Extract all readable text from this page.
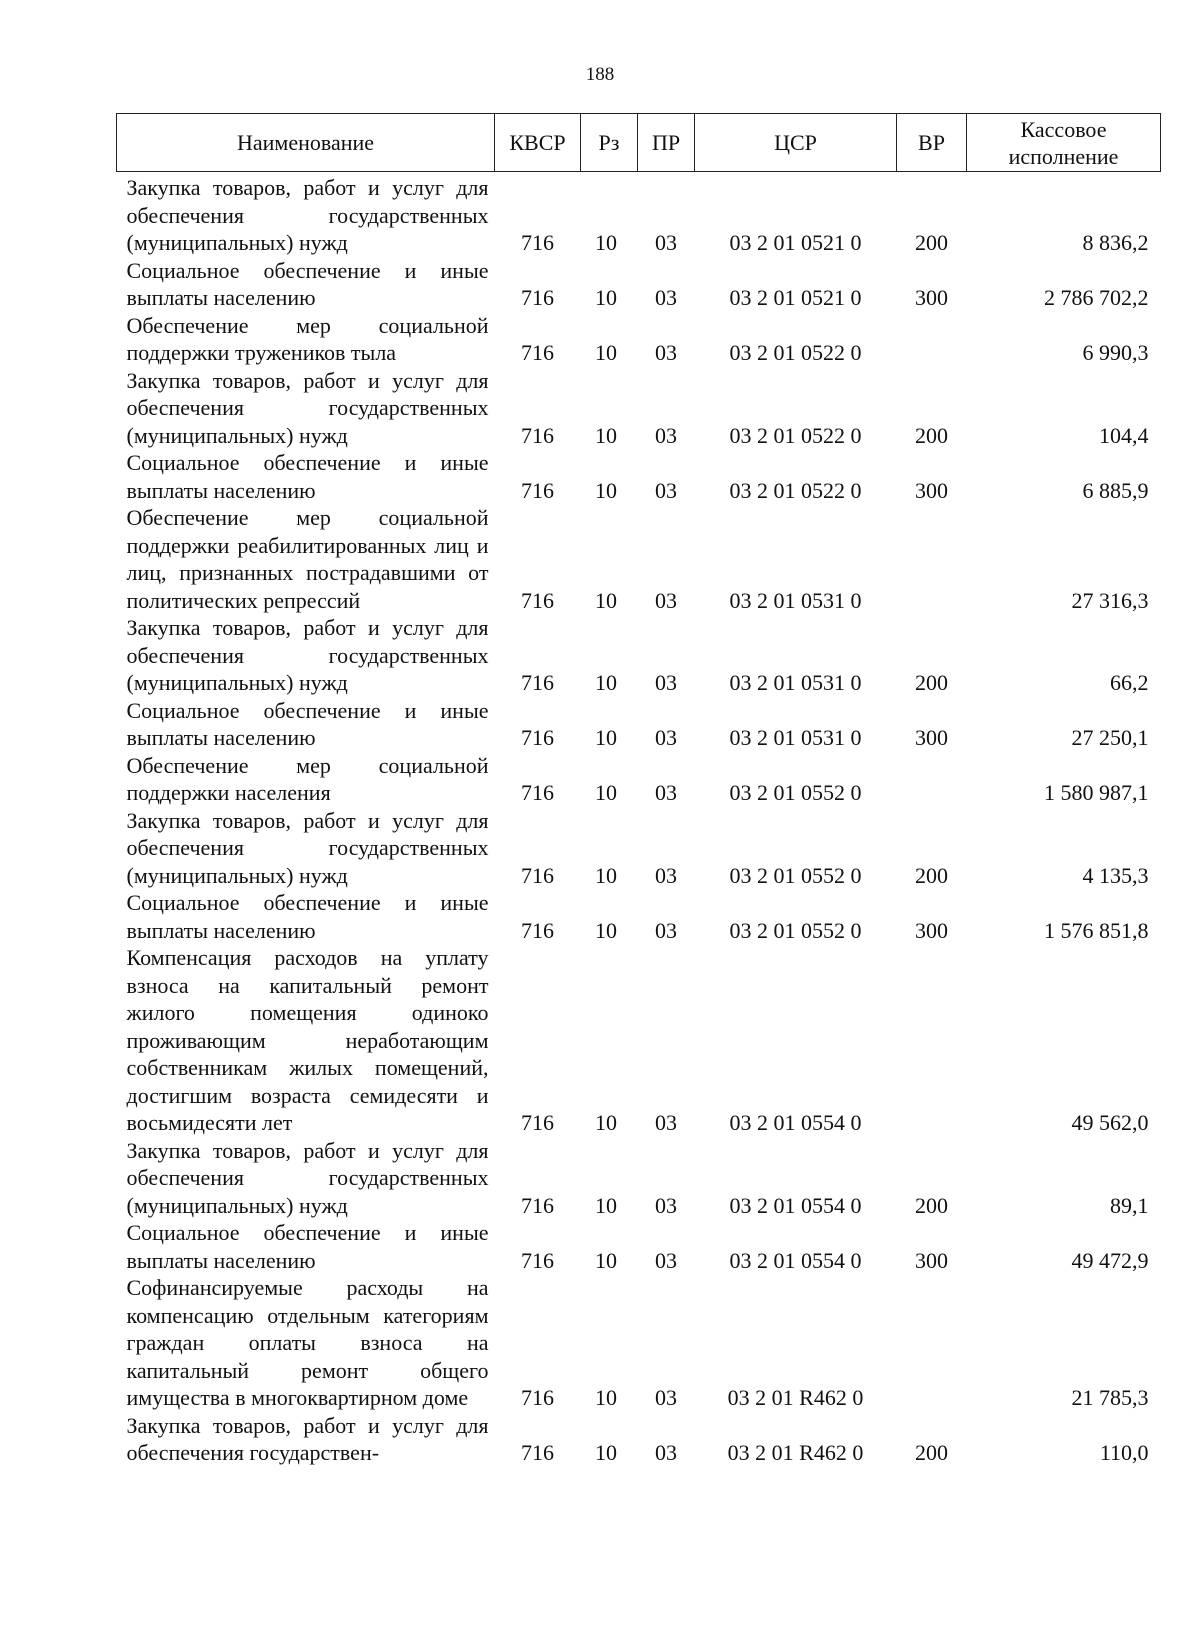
188
Наименование	КВСР	Рз	ПР	ЦСР	ВР	Кассовое
исполнение
Закупка товаров, работ и услуг для обеспечения государственных (муниципальных) нужд	716	10	03	03 2 01 0521 0	200	8 836,2
Социальное обеспечение и иные выплаты населению	716	10	03	03 2 01 0521 0	300	2 786 702,2
Обеспечение мер социальной поддержки тружеников тыла	716	10	03	03 2 01 0522 0		6 990,3
Закупка товаров, работ и услуг для обеспечения государственных (муниципальных) нужд	716	10	03	03 2 01 0522 0	200	104,4
Социальное обеспечение и иные выплаты населению	716	10	03	03 2 01 0522 0	300	6 885,9
Обеспечение мер социальной поддержки реабилитированных лиц и лиц, признанных пострадавшими от политических репрессий	716	10	03	03 2 01 0531 0		27 316,3
Закупка товаров, работ и услуг для обеспечения государственных (муниципальных) нужд	716	10	03	03 2 01 0531 0	200	66,2
Социальное обеспечение и иные выплаты населению	716	10	03	03 2 01 0531 0	300	27 250,1
Обеспечение мер социальной поддержки населения	716	10	03	03 2 01 0552 0		1 580 987,1
Закупка товаров, работ и услуг для обеспечения государственных (муниципальных) нужд	716	10	03	03 2 01 0552 0	200	4 135,3
Социальное обеспечение и иные выплаты населению	716	10	03	03 2 01 0552 0	300	1 576 851,8
Компенсация расходов на уплату взноса на капитальный ремонт жилого помещения одиноко проживающим неработающим собственникам жилых помещений, достигшим возраста семидесяти и восьмидесяти лет	716	10	03	03 2 01 0554 0		49 562,0
Закупка товаров, работ и услуг для обеспечения государственных (муниципальных) нужд	716	10	03	03 2 01 0554 0	200	89,1
Социальное обеспечение и иные выплаты населению	716	10	03	03 2 01 0554 0	300	49 472,9
Софинансируемые расходы на компенсацию отдельным категориям граждан оплаты взноса на капитальный ремонт общего имущества в многоквартирном доме	716	10	03	03 2 01 R462 0		21 785,3
Закупка товаров, работ и услуг для обеспечения государствен-	716	10	03	03 2 01 R462 0	200	110,0
